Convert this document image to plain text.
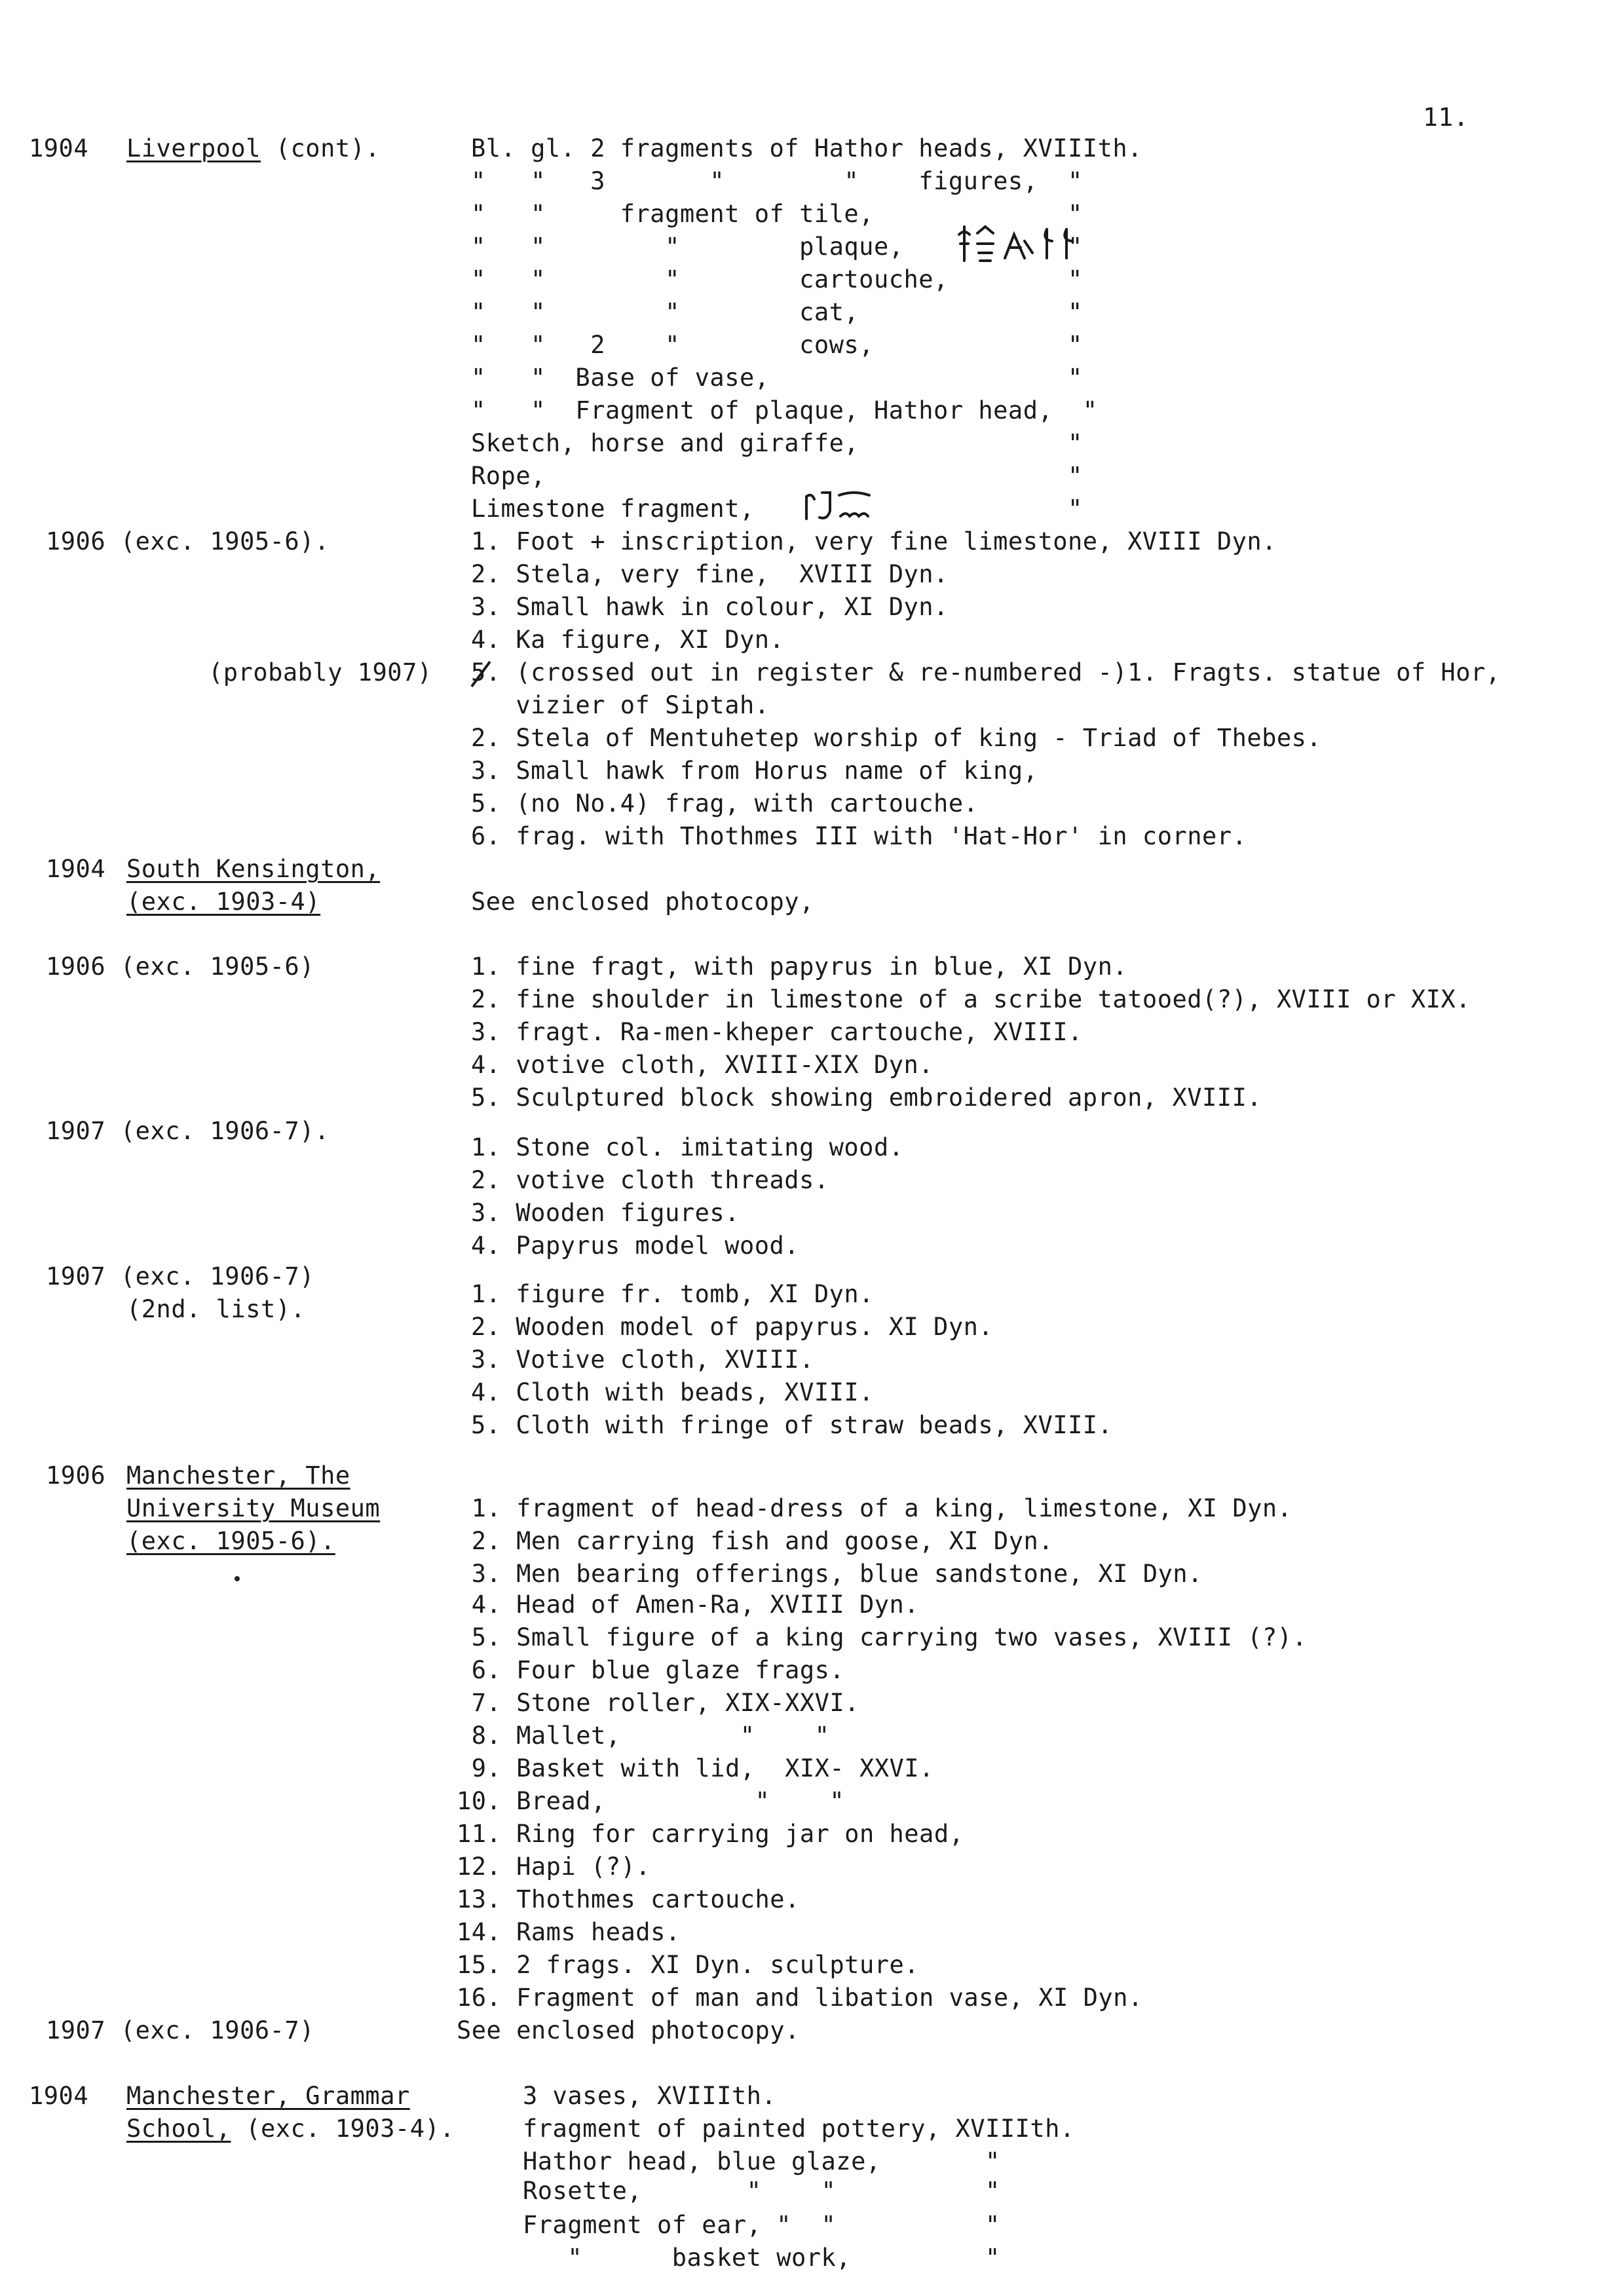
11.
1904 Liverpool (cont).	Bl. gl. 2 fragments of Hathor heads, XVIIIth.
"   "   3       "        "    figures,  "
"   "     fragment of tile,             "
"   "        "        plaque,           "
"   "        "        cartouche,        "
"   "        "        cat,              "
"   "   2    "        cows,             "
"   "  Base of vase,                    "
"   "  Fragment of plaque, Hathor head,  "
Sketch, horse and giraffe,              "
Rope,                                   "
Limestone fragment,                     "
1906 (exc. 1905-6).	1. Foot + inscription, very fine limestone, XVIII Dyn.
2. Stela, very fine,  XVIII Dyn.
3. Small hawk in colour, XI Dyn.
4. Ka figure, XI Dyn.
(probably 1907) 5. (crossed out in register & re-numbered -)1. Fragts. statue of Hor,
vizier of Siptah.
2. Stela of Mentuhetep worship of king - Triad of Thebes.
3. Small hawk from Horus name of king,
5. (no No.4) frag, with cartouche.
6. frag. with Thothmes III with 'Hat-Hor' in corner.
1904 South Kensington,
(exc. 1903-4)	See enclosed photocopy,
1906 (exc. 1905-6)	1. fine fragt, with papyrus in blue, XI Dyn.
2. fine shoulder in limestone of a scribe tatooed(?), XVIII or XIX.
3. fragt. Ra-men-kheper cartouche, XVIII.
4. votive cloth, XVIII-XIX Dyn.
5. Sculptured block showing embroidered apron, XVIII.
1907 (exc. 1906-7).
1. Stone col. imitating wood.
2. votive cloth threads.
3. Wooden figures.
4. Papyrus model wood.
1907 (exc. 1906-7)
(2nd. list).
1. figure fr. tomb, XI Dyn.
2. Wooden model of papyrus. XI Dyn.
3. Votive cloth, XVIII.
4. Cloth with beads, XVIII.
5. Cloth with fringe of straw beads, XVIII.
1906 Manchester, The
University Museum
(exc. 1905-6).
1. fragment of head-dress of a king, limestone, XI Dyn.
2. Men carrying fish and goose, XI Dyn.
3. Men bearing offerings, blue sandstone, XI Dyn.
4. Head of Amen-Ra, XVIII Dyn.
5. Small figure of a king carrying two vases, XVIII (?).
6. Four blue glaze frags.
7. Stone roller, XIX-XXVI.
8. Mallet,        "    "
9. Basket with lid,  XIX- XXVI.
10. Bread,          "    "
11. Ring for carrying jar on head,
12. Hapi (?).
13. Thothmes cartouche.
14. Rams heads.
15. 2 frags. XI Dyn. sculpture.
16. Fragment of man and libation vase, XI Dyn.
1907 (exc. 1906-7)	See enclosed photocopy.
1904 Manchester, Grammar
School, (exc. 1903-4).
3 vases, XVIIIth.
fragment of painted pottery, XVIIIth.
Hathor head, blue glaze,       "
Rosette,       "    "          "
Fragment of ear, "  "          "
"      basket work,         "
